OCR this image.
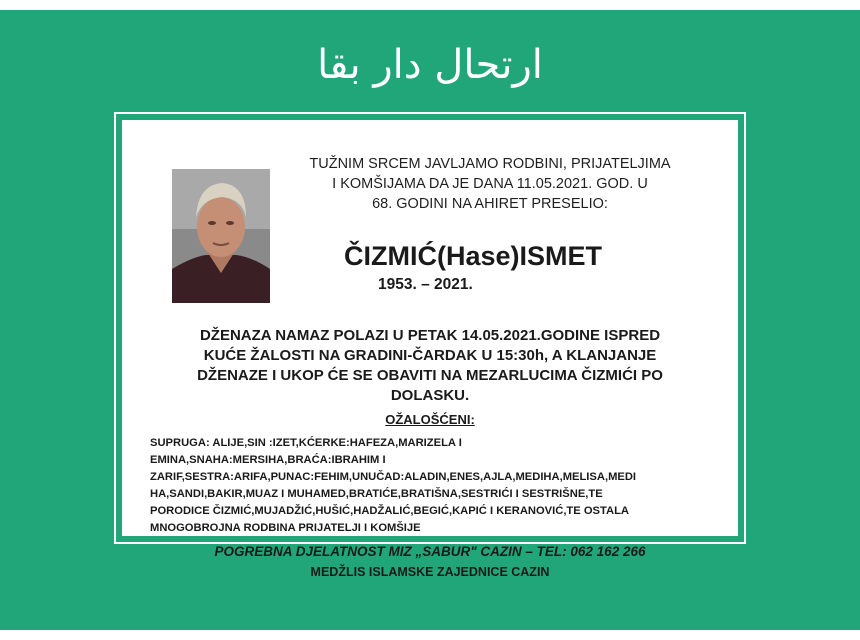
ارتحال دار بقا
TUŽNIM SRCEM JAVLJAMO RODBINI, PRIJATELJIMA
I KOMŠIJAMA DA JE DANA 11.05.2021. GOD. U
68. GODINI NA AHIRET PRESELIO:
ČIZMIĆ(Hase)ISMET
1953. – 2021.
DŽENAZA NAMAZ POLAZI U PETAK 14.05.2021.GODINE ISPRED
KUĆE ŽALOSTI NA GRADINI-ČARDAK U 15:30h, A KLANJANJE
DŽENAZE I UKOP ĆE SE OBAVITI NA MEZARLUCIMA ČIZMIĆI PO
DOLASKU.
OŽALOŠĆENI:
SUPRUGA: ALIJE,SIN :IZET,KĆERKE:HAFEZA,MARIZELA I
EMINA,SNAHA:MERSIHA,BRAĆA:IBRAHIM I
ZARIF,SESTRA:ARIFA,PUNAC:FEHIM,UNUČAD:ALADIN,ENES,AJLA,MEDIHA,MELISA,MEDI
HA,SANDI,BAKIR,MUAZ I MUHAMED,BRATIĆE,BRATIŠNA,SESTRIĆI I SESTRIŠNE,TE
PORODICE ČIZMIĆ,MUJADŽIĆ,HUŠIĆ,HADŽALIĆ,BEGIĆ,KAPIĆ I KERANOVIĆ,TE OSTALA
MNOGOBROJNA RODBINA PRIJATELJI I KOMŠIJE
POGREBNA DJELATNOST MIZ „SABUR" CAZIN – TEL: 062 162 266
MEDŽLIS ISLAMSKE ZAJEDNICE CAZIN
